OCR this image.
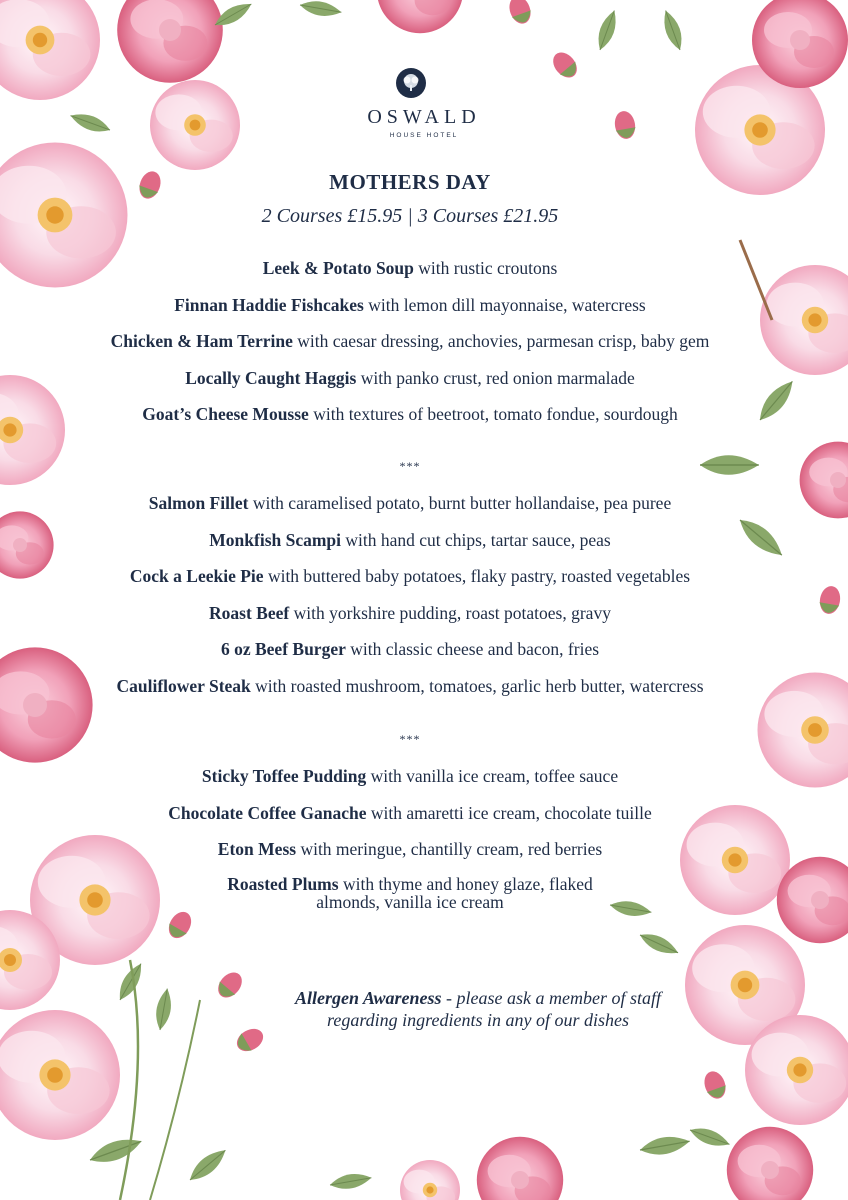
OSWALD
HOUSE HOTEL
MOTHERS DAY
2 Courses £15.95 | 3 Courses £21.95
Leek & Potato Soup with rustic croutons
Finnan Haddie Fishcakes with lemon dill mayonnaise, watercress
Chicken & Ham Terrine with caesar dressing, anchovies, parmesan crisp, baby gem
Locally Caught Haggis with panko crust, red onion marmalade
Goat’s Cheese Mousse with textures of beetroot, tomato fondue, sourdough
***
Salmon Fillet with caramelised potato, burnt butter hollandaise, pea puree
Monkfish Scampi with hand cut chips, tartar sauce, peas
Cock a Leekie Pie with buttered baby potatoes, flaky pastry, roasted vegetables
Roast Beef with yorkshire pudding, roast potatoes, gravy
6 oz Beef Burger with classic cheese and bacon, fries
Cauliflower Steak with roasted mushroom, tomatoes, garlic herb butter, watercress
***
Sticky Toffee Pudding with vanilla ice cream, toffee sauce
Chocolate Coffee Ganache with amaretti ice cream, chocolate tuille
Eton Mess with meringue, chantilly cream, red berries
Roasted Plums with thyme and honey glaze, flaked almonds, vanilla ice cream
Allergen Awareness - please ask a member of staff regarding ingredients in any of our dishes
